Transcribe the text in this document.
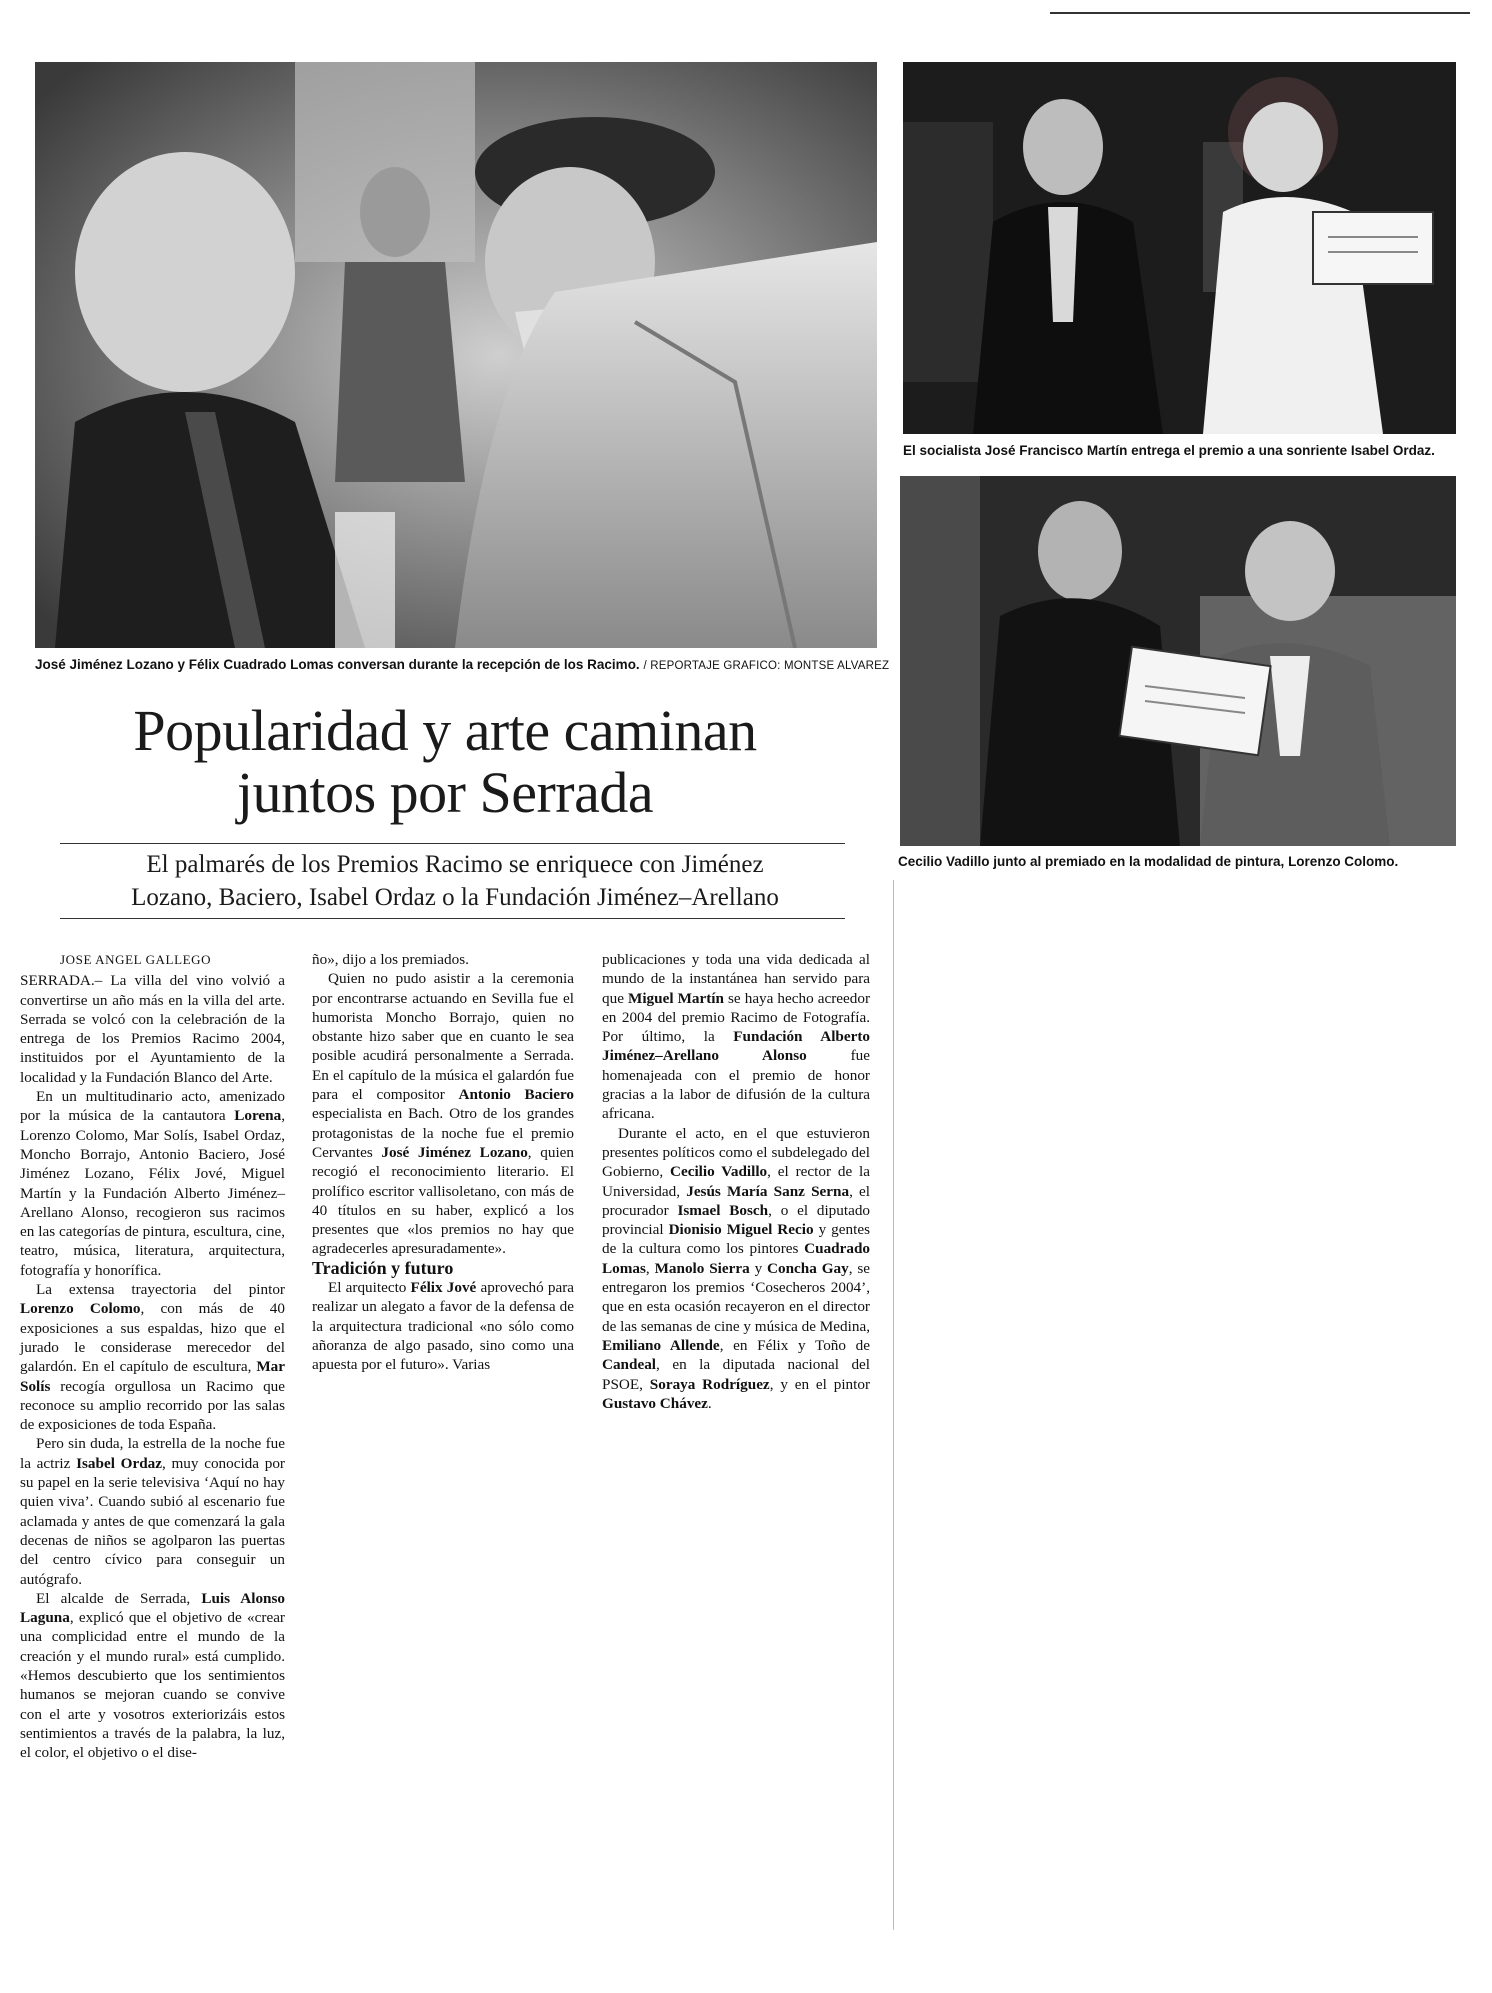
José Jiménez Lozano y Félix Cuadrado Lomas conversan durante la recepción de los Racimo. / REPORTAJE GRAFICO: MONTSE ALVAREZ
El socialista José Francisco Martín entrega el premio a una sonriente Isabel Ordaz.
Cecilio Vadillo junto al premiado en la modalidad de pintura, Lorenzo Colomo.
Popularidad y arte caminan
juntos por Serrada
El palmarés de los Premios Racimo se enriquece con Jiménez
Lozano, Baciero, Isabel Ordaz o la Fundación Jiménez–Arellano

JOSE ANGEL GALLEGO

SERRADA.– La villa del vino volvió a convertirse un año más en la villa del arte. Serrada se volcó con la celebración de la entrega de los Premios Racimo 2004, instituidos por el Ayuntamiento de la localidad y la Fundación Blanco del Arte.

En un multitudinario acto, amenizado por la música de la cantautora Lorena, Lorenzo Colomo, Mar Solís, Isabel Ordaz, Moncho Borrajo, Antonio Baciero, José Jiménez Lozano, Félix Jové, Miguel Martín y la Fundación Alberto Jiménez– Arellano Alonso, recogieron sus racimos en las categorías de pintura, escultura, cine, teatro, música, literatura, arquitectura, fotografía y honorífica.

La extensa trayectoria del pintor Lorenzo Colomo, con más de 40 exposiciones a sus espaldas, hizo que el jurado le considerase merecedor del galardón. En el capítulo de escultura, Mar Solís recogía orgullosa un Racimo que reconoce su amplio recorrido por las salas de exposiciones de toda España.

Pero sin duda, la estrella de la noche fue la actriz Isabel Ordaz, muy conocida por su papel en la serie televisiva ‘Aquí no hay quien viva’. Cuando subió al escenario fue aclamada y antes de que comenzará la gala decenas de niños se agolparon las puertas del centro cívico para conseguir un autógrafo.

El alcalde de Serrada, Luis Alonso Laguna, explicó que el objetivo de «crear una complicidad entre el mundo de la creación y el mundo rural» está cumplido. «Hemos descubierto que los sentimientos humanos se mejoran cuando se convive con el arte y vosotros exteriorizáis estos sentimientos a través de la palabra, la luz, el color, el objetivo o el dise-

ño», dijo a los premiados.

Quien no pudo asistir a la ceremonia por encontrarse actuando en Sevilla fue el humorista Moncho Borrajo, quien no obstante hizo saber que en cuanto le sea posible acudirá personalmente a Serrada. En el capítulo de la música el galardón fue para el compositor Antonio Baciero especialista en Bach. Otro de los grandes protagonistas de la noche fue el premio Cervantes José Jiménez Lozano, quien recogió el reconocimiento literario. El prolífico escritor vallisoletano, con más de 40 títulos en su haber, explicó a los presentes que «los premios no hay que agradecerles apresuradamente».

Tradición y futuro

El arquitecto Félix Jové aprovechó para realizar un alegato a favor de la defensa de la arquitectura tradicional «no sólo como añoranza de algo pasado, sino como una apuesta por el futuro». Varias

publicaciones y toda una vida dedicada al mundo de la instantánea han servido para que Miguel Martín se haya hecho acreedor en 2004 del premio Racimo de Fotografía. Por último, la Fundación Alberto Jiménez–Arellano Alonso fue homenajeada con el premio de honor gracias a la labor de difusión de la cultura africana.

Durante el acto, en el que estuvieron presentes políticos como el subdelegado del Gobierno, Cecilio Vadillo, el rector de la Universidad, Jesús María Sanz Serna, el procurador Ismael Bosch, o el diputado provincial Dionisio Miguel Recio y gentes de la cultura como los pintores Cuadrado Lomas, Manolo Sierra y Concha Gay, se entregaron los premios ‘Cosecheros 2004’, que en esta ocasión recayeron en el director de las semanas de cine y música de Medina, Emiliano Allende, en Félix y Toño de Candeal, en la diputada nacional del PSOE, Soraya Rodríguez, y en el pintor Gustavo Chávez.
